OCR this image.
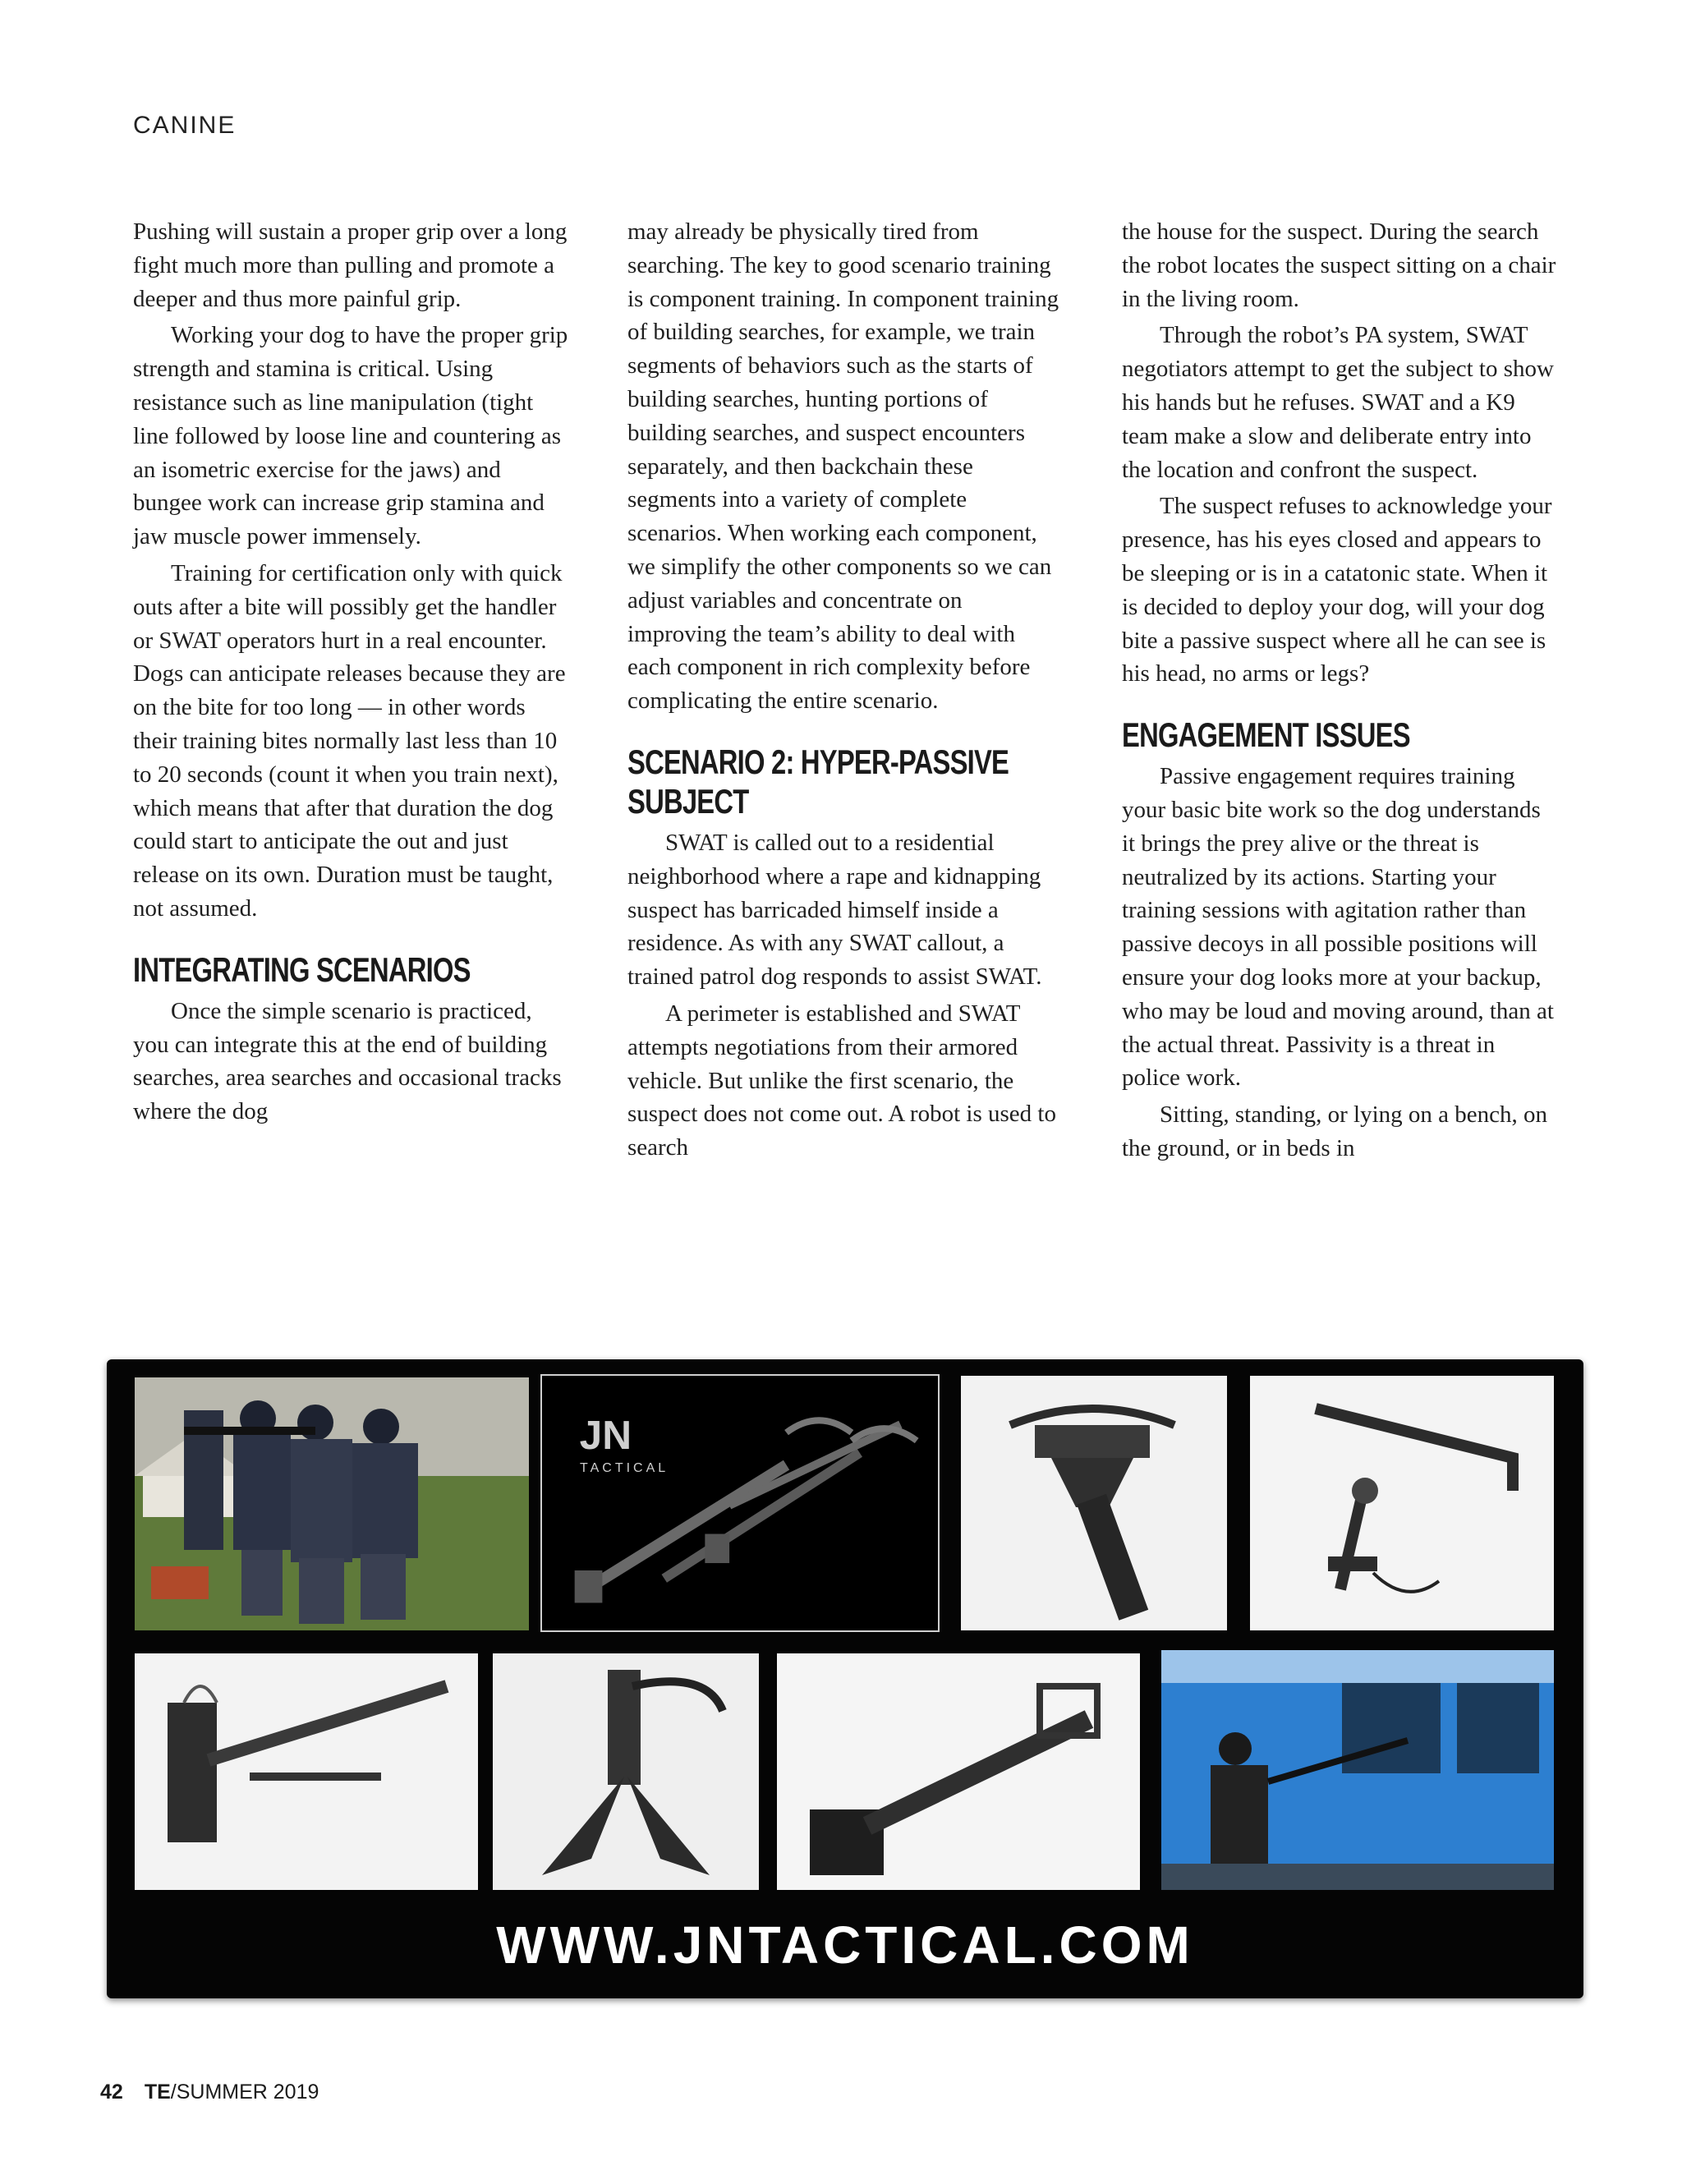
CANINE

Pushing will sustain a proper grip over a long fight much more than pulling and promote a deeper and thus more painful grip.

Working your dog to have the proper grip strength and stamina is critical. Using resistance such as line manipulation (tight line followed by loose line and countering as an isometric exercise for the jaws) and bungee work can increase grip stamina and jaw muscle power immensely.

Training for certification only with quick outs after a bite will possibly get the handler or SWAT operators hurt in a real encounter. Dogs can anticipate releases because they are on the bite for too long — in other words their training bites normally last less than 10 to 20 seconds (count it when you train next), which means that after that duration the dog could start to anticipate the out and just release on its own. Duration must be taught, not assumed.

INTEGRATING SCENARIOS

Once the simple scenario is practiced, you can integrate this at the end of building searches, area searches and occasional tracks where the dog

may already be physically tired from searching. The key to good scenario training is component training. In component training of building searches, for example, we train segments of behaviors such as the starts of building searches, hunting portions of building searches, and suspect encounters separately, and then backchain these segments into a variety of complete scenarios. When working each component, we simplify the other components so we can adjust variables and concentrate on improving the team’s ability to deal with each component in rich complexity before complicating the entire scenario.

SCENARIO 2: HYPER-PASSIVE SUBJECT

SWAT is called out to a residential neighborhood where a rape and kidnapping suspect has barricaded himself inside a residence. As with any SWAT callout, a trained patrol dog responds to assist SWAT.

A perimeter is established and SWAT attempts negotiations from their armored vehicle. But unlike the first scenario, the suspect does not come out. A robot is used to search

the house for the suspect. During the search the robot locates the suspect sitting on a chair in the living room.

Through the robot’s PA system, SWAT negotiators attempt to get the subject to show his hands but he refuses. SWAT and a K9 team make a slow and deliberate entry into the location and confront the suspect.

The suspect refuses to acknowledge your presence, has his eyes closed and appears to be sleeping or is in a catatonic state. When it is decided to deploy your dog, will your dog bite a passive suspect where all he can see is his head, no arms or legs?

ENGAGEMENT ISSUES

Passive engagement requires training your basic bite work so the dog understands it brings the prey alive or the threat is neutralized by its actions. Starting your training sessions with agitation rather than passive decoys in all possible positions will ensure your dog looks more at your backup, who may be loud and moving around, than at the actual threat. Passivity is a threat in police work.

Sitting, standing, or lying on a bench, on the ground, or in beds in

JN
TACTICAL
WWW.JNTACTICAL.COM
42 TE/SUMMER 2019
